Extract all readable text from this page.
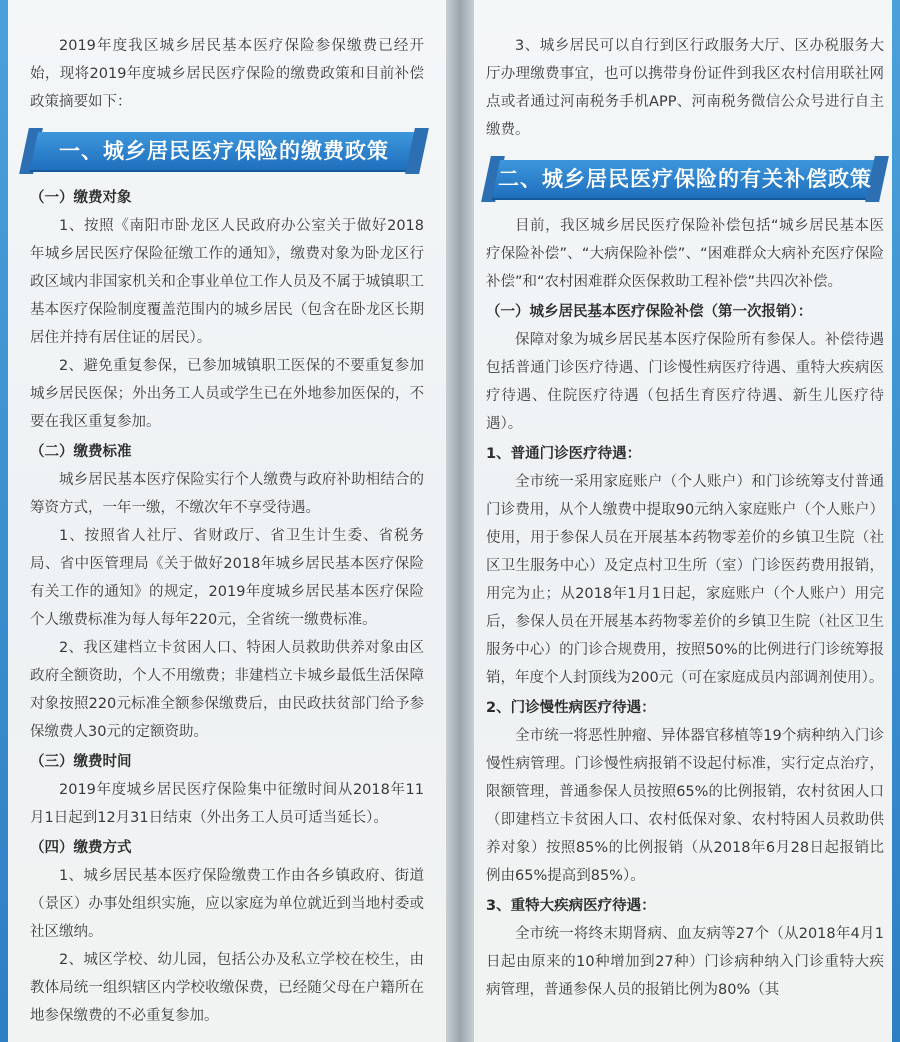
2019年度我区城乡居民基本医疗保险参保缴费已经开始，现将2019年度城乡居民医疗保险的缴费政策和目前补偿政策摘要如下：

一、城乡居民医疗保险的缴费政策

（一）缴费对象

1、按照《南阳市卧龙区人民政府办公室关于做好2018年城乡居民医疗保险征缴工作的通知》，缴费对象为卧龙区行政区域内非国家机关和企事业单位工作人员及不属于城镇职工基本医疗保险制度覆盖范围内的城乡居民（包含在卧龙区长期居住并持有居住证的居民）。

2、避免重复参保，已参加城镇职工医保的不要重复参加城乡居民医保；外出务工人员或学生已在外地参加医保的，不要在我区重复参加。

（二）缴费标准

城乡居民基本医疗保险实行个人缴费与政府补助相结合的筹资方式，一年一缴，不缴次年不享受待遇。

1、按照省人社厅、省财政厅、省卫生计生委、省税务局、省中医管理局《关于做好2018年城乡居民基本医疗保险有关工作的通知》的规定，2019年度城乡居民基本医疗保险个人缴费标准为每人每年220元，全省统一缴费标准。

2、我区建档立卡贫困人口、特困人员救助供养对象由区政府全额资助，个人不用缴费；非建档立卡城乡最低生活保障对象按照220元标准全额参保缴费后，由民政扶贫部门给予参保缴费人30元的定额资助。

（三）缴费时间

2019年度城乡居民医疗保险集中征缴时间从2018年11月1日起到12月31日结束（外出务工人员可适当延长）。

（四）缴费方式

1、城乡居民基本医疗保险缴费工作由各乡镇政府、街道（景区）办事处组织实施，应以家庭为单位就近到当地村委或社区缴纳。

2、城区学校、幼儿园，包括公办及私立学校在校生，由教体局统一组织辖区内学校收缴保费，已经随父母在户籍所在地参保缴费的不必重复参加。

3、城乡居民可以自行到区行政服务大厅、区办税服务大厅办理缴费事宜，也可以携带身份证件到我区农村信用联社网点或者通过河南税务手机APP、河南税务微信公众号进行自主缴费。

二、城乡居民医疗保险的有关补偿政策

目前，我区城乡居民医疗保险补偿包括“城乡居民基本医疗保险补偿”、“大病保险补偿”、“困难群众大病补充医疗保险补偿”和“农村困难群众医保救助工程补偿”共四次补偿。

（一）城乡居民基本医疗保险补偿（第一次报销）：

保障对象为城乡居民基本医疗保险所有参保人。补偿待遇包括普通门诊医疗待遇、门诊慢性病医疗待遇、重特大疾病医疗待遇、住院医疗待遇（包括生育医疗待遇、新生儿医疗待遇）。

1、普通门诊医疗待遇：

全市统一采用家庭账户（个人账户）和门诊统筹支付普通门诊费用，从个人缴费中提取90元纳入家庭账户（个人账户）使用，用于参保人员在开展基本药物零差价的乡镇卫生院（社区卫生服务中心）及定点村卫生所（室）门诊医药费用报销，用完为止；从2018年1月1日起，家庭账户（个人账户）用完后，参保人员在开展基本药物零差价的乡镇卫生院（社区卫生服务中心）的门诊合规费用，按照50%的比例进行门诊统筹报销，年度个人封顶线为200元（可在家庭成员内部调剂使用）。

2、门诊慢性病医疗待遇：

全市统一将恶性肿瘤、异体器官移植等19个病种纳入门诊慢性病管理。门诊慢性病报销不设起付标准，实行定点治疗，限额管理，普通参保人员按照65%的比例报销，农村贫困人口（即建档立卡贫困人口、农村低保对象、农村特困人员救助供养对象）按照85%的比例报销（从2018年6月28日起报销比例由65%提高到85%）。

3、重特大疾病医疗待遇：

全市统一将终末期肾病、血友病等27个（从2018年4月1日起由原来的10种增加到27种）门诊病种纳入门诊重特大疾病管理，普通参保人员的报销比例为80%（其
